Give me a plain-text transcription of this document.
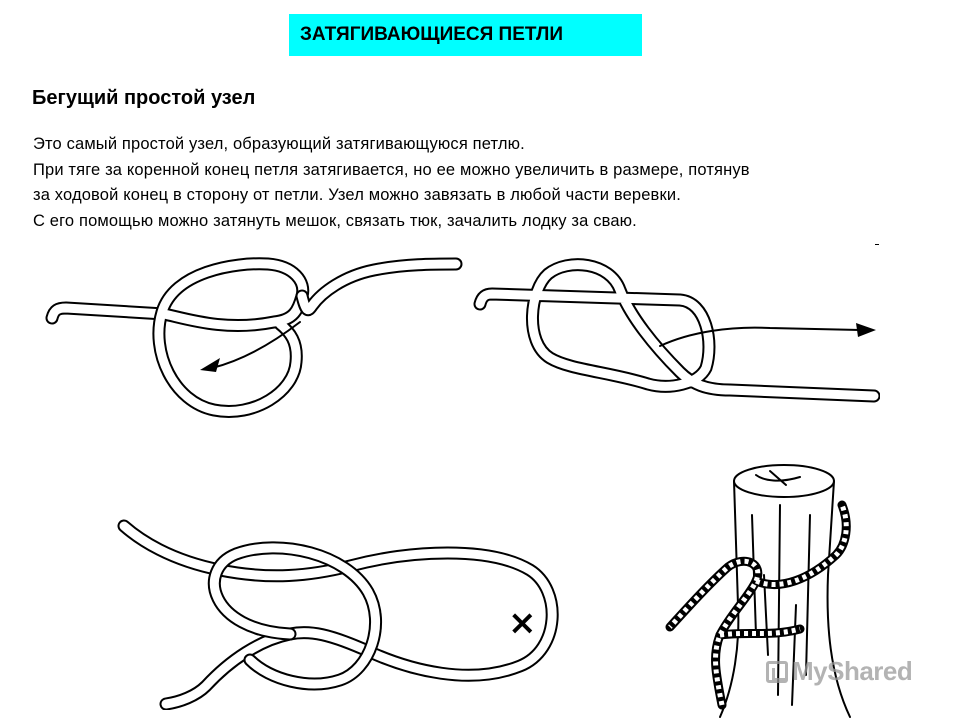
ЗАТЯГИВАЮЩИЕСЯ ПЕТЛИ
Бегущий простой узел

Это самый простой узел, образующий затягивающуюся петлю.

При тяге за коренной конец петля затягивается, но ее можно увеличить в размере, потянув

за ходовой конец в сторону от петли. Узел можно завязать в любой части веревки.

С его помощью можно затянуть мешок, связать тюк, зачалить лодку за сваю.

×
MyShared
